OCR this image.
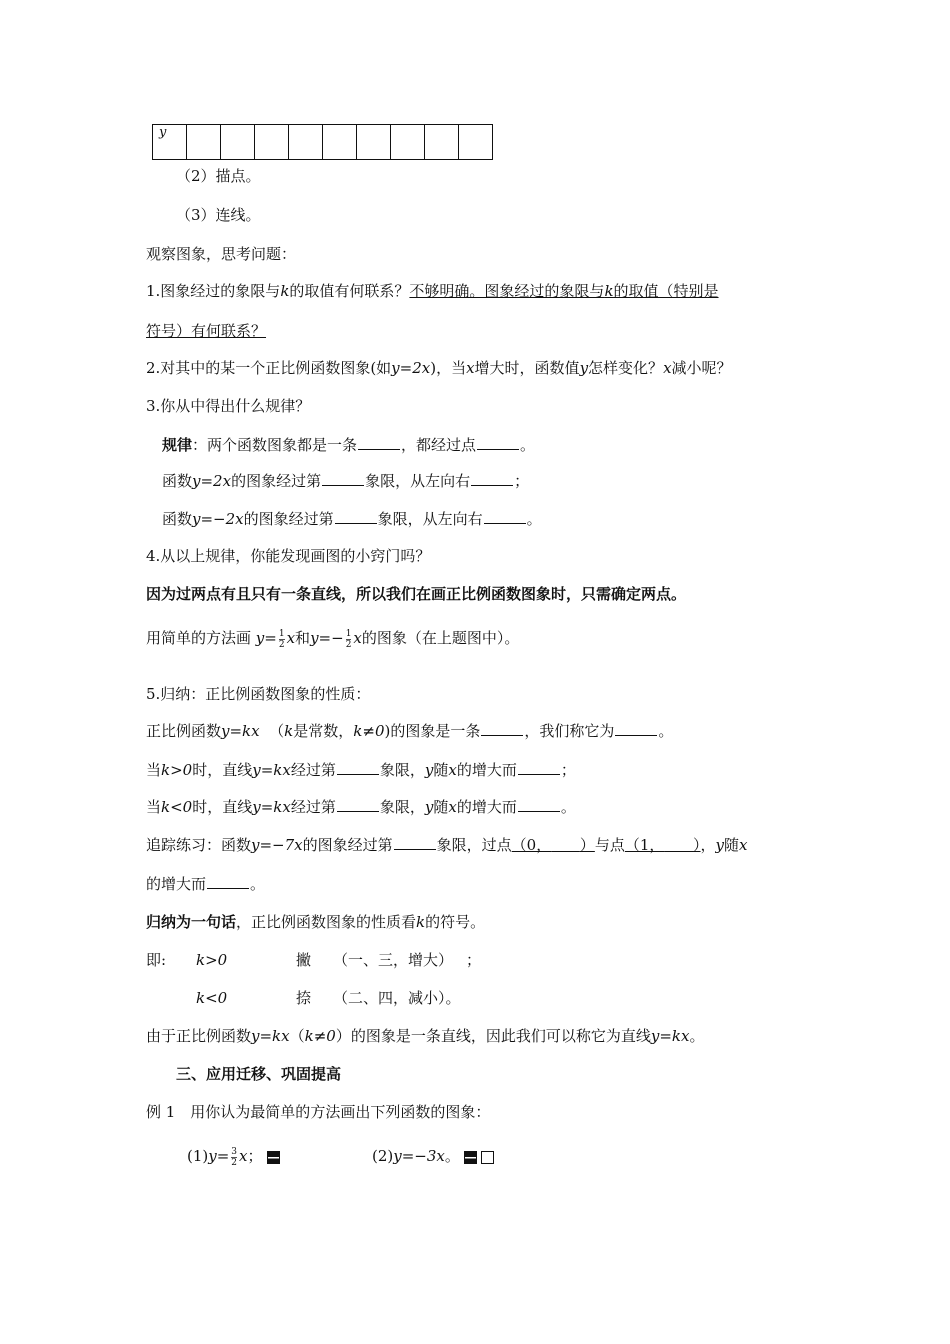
y									
（2）描点。
（3）连线。
观察图象，思考问题：
1.图象经过的象限与k的取值有何联系？不够明确。图象经过的象限与k的取值（特别是
符号）有何联系？
2.对其中的某一个正比例函数图象(如y=2x)，当x增大时，函数值y怎样变化？x减小呢？
3.你从中得出什么规律？
规律：两个函数图象都是一条	，都经过点	。
函数y=2x的图象经过第	象限，从左向右	；
函数y=−2x的图象经过第	象限，从左向右	。
4.从以上规律，你能发现画图的小窍门吗？
因为过两点有且只有一条直线，所以我们在画正比例函数图象时，只需确定两点。
用简单的方法画 $y= \frac{1}{2}$ x和$y=- \frac{1}{2}$ x的图象（在上题图中）。
5.归纳：正比例函数图象的性质：
正比例函数y=kx （k是常数，k≠0)的图象是一条	，我们称它为	。
当k>0时，直线y=kx经过第	象限，y随x的增大而	；
当k<0时，直线y=kx经过第	象限，y随x的增大而	。
追踪练习：函数y=−7x的图象经过第	象限，过点（0， ）与点（1， ），y随x
的增大而	。
归纳为一句话，正比例函数图象的性质看k的符号。
即: k>0	撇 （一、三，增大） ；
k<0	捺 （二、四，减小）。
由于正比例函数y=kx（k≠0）的图象是一条直线，因此我们可以称它为直线y=kx。
三、应用迁移、巩固提高
例 1　用你认为最简单的方法画出下列函数的图象：
$(1)y= \frac{3}{2}$ x；	(2)y=−3x。
